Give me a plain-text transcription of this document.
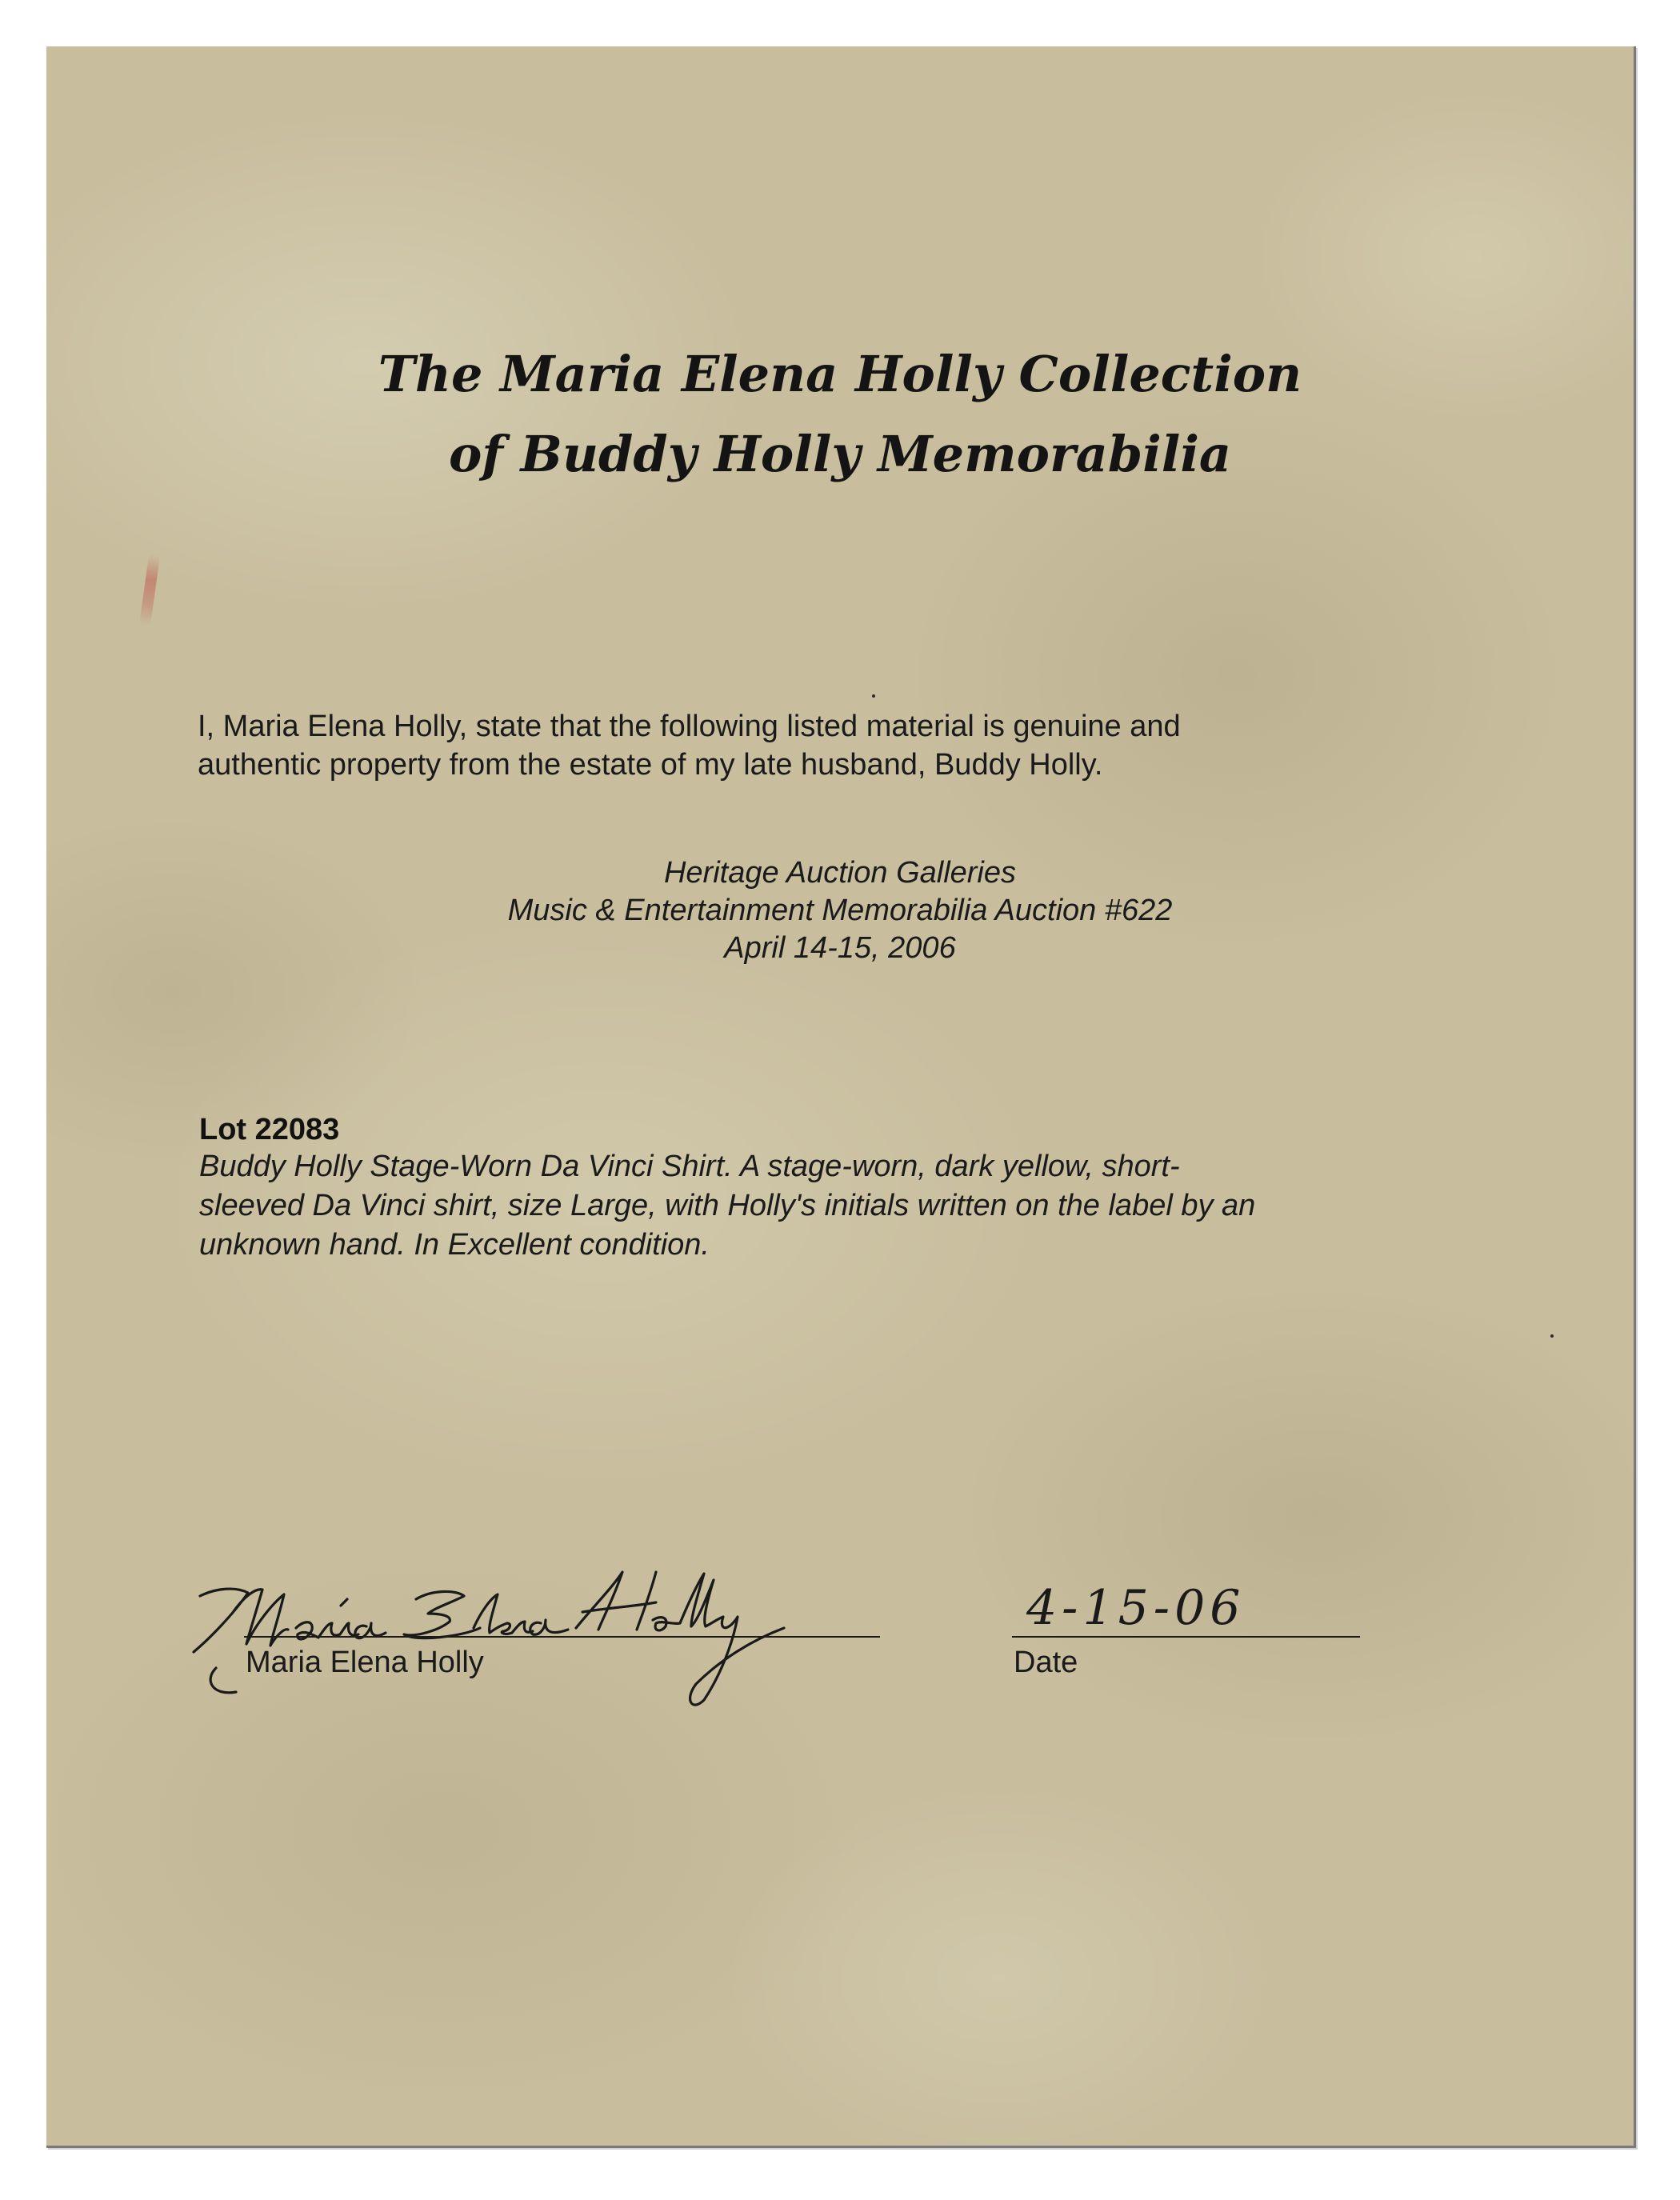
The Maria Elena Holly Collection
of Buddy Holly Memorabilia
I, Maria Elena Holly, state that the following listed material is genuine and
authentic property from the estate of my late husband, Buddy Holly.
Heritage Auction Galleries
Music & Entertainment Memorabilia Auction #622
April 14-15, 2006
Lot 22083
Buddy Holly Stage-Worn Da Vinci Shirt. A stage-worn, dark yellow, short-
sleeved Da Vinci shirt, size Large, with Holly's initials written on the label by an
unknown hand. In Excellent condition.
4-15-06
Maria Elena Holly	Date
